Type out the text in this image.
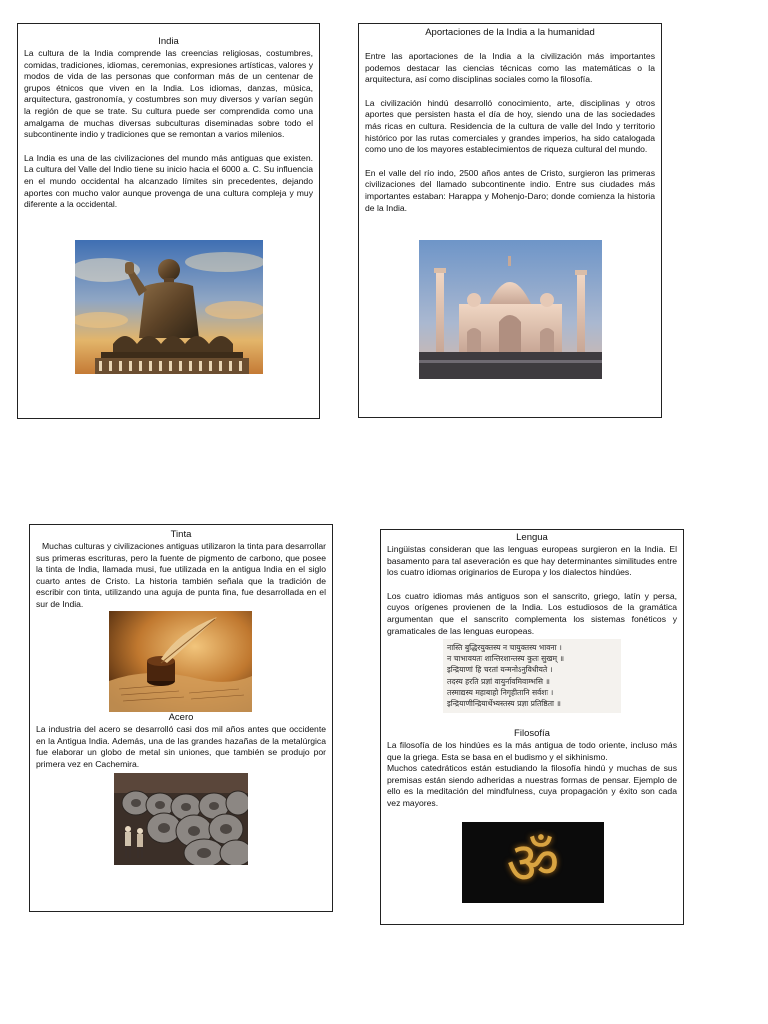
India

La cultura de la India comprende las creencias religiosas, costumbres, comidas, tradiciones, idiomas, ceremonias, expresiones artísticas, valores y modos de vida de las personas que conforman más de un centenar de grupos étnicos que viven en la India. Los idiomas, danzas, música, arquitectura, gastronomía, y costumbres son muy diversos y varían según la región de que se trate. Su cultura puede ser comprendida como una amalgama de muchas diversas subculturas diseminadas sobre todo el subcontinente indio y tradiciones que se remontan a varios milenios.

La India es una de las civilizaciones del mundo más antiguas que existen. La cultura del Valle del Indio tiene su inicio hacia el 6000 a. C. Su influencia en el mundo occidental ha alcanzado límites sin precedentes, dejando aportes con mucho valor aunque provenga de una cultura compleja y muy diferente a la occidental.

Aportaciones de la India a la humanidad

Entre las aportaciones de la India a la civilización más importantes podemos destacar las ciencias técnicas como las matemáticas o la arquitectura, así como disciplinas sociales como la filosofía.

La civilización hindú desarrolló conocimiento, arte, disciplinas y otros aportes que persisten hasta el día de hoy, siendo una de las sociedades más ricas en cultura. Residencia de la cultura de valle del Indo y territorio histórico por las rutas comerciales y grandes imperios, ha sido catalogada como uno de los mayores establecimientos de riqueza cultural del mundo.

En el valle del río indo, 2500 años antes de Cristo, surgieron las primeras civilizaciones del llamado subcontinente indio. Entre sus ciudades más importantes estaban: Harappa y Mohenjo-Daro; donde comienza la historia de la India.

Tinta

Muchas culturas y civilizaciones antiguas utilizaron la tinta para desarrollar sus primeras escrituras, pero la fuente de pigmento de carbono, que posee la tinta de India, llamada musi, fue utilizada en la antigua India en el siglo cuarto antes de Cristo. La historia también señala que la tradición de escribir con tinta, utilizando una aguja de punta fina, fue desarrollada en el sur de India.

Acero

La industria del acero se desarrolló casi dos mil años antes que occidente en la Antigua India. Además, una de las grandes hazañas de la metalúrgica fue elaborar un globo de metal sin uniones, que también se produjo por primera vez en Cachemira.

Lengua

Lingüistas consideran que las lenguas europeas surgieron en la India. El basamento para tal aseveración es que hay determinantes similitudes entre los cuatro idiomas originarios de Europa y los dialectos hindúes.

Los cuatro idiomas más antiguos son el sanscrito, griego, latín y persa, cuyos orígenes provienen de la India. Los estudiosos de la gramática argumentan que el sanscrito complementa los sistemas fonéticos y gramaticales de las lenguas europeas.

नास्ति बुद्धिरयुक्तस्य न चायुक्तस्य भावना ।
न चाभावयतः शान्तिरशान्तस्य कुतः सुखम् ॥
इन्द्रियाणां हि चरतां यन्मनोऽनुविधीयते ।
तदस्य हरति प्रज्ञां वायुर्नावमिवाम्भसि ॥
तस्माद्यस्य महाबाहो निगृहीतानि सर्वशः ।
इन्द्रियाणीन्द्रियार्थेभ्यस्तस्य प्रज्ञा प्रतिष्ठिता ॥

Filosofía

La filosofía de los hindúes es la más antigua de todo oriente, incluso más que la griega. Esta se basa en el budismo y el sikhinismo.

Muchos catedráticos están estudiando la filosofía hindú y muchas de sus premisas están siendo adheridas a nuestras formas de pensar. Ejemplo de ello es la meditación del mindfulness, cuya propagación y éxito son cada vez mayores.

ॐ
